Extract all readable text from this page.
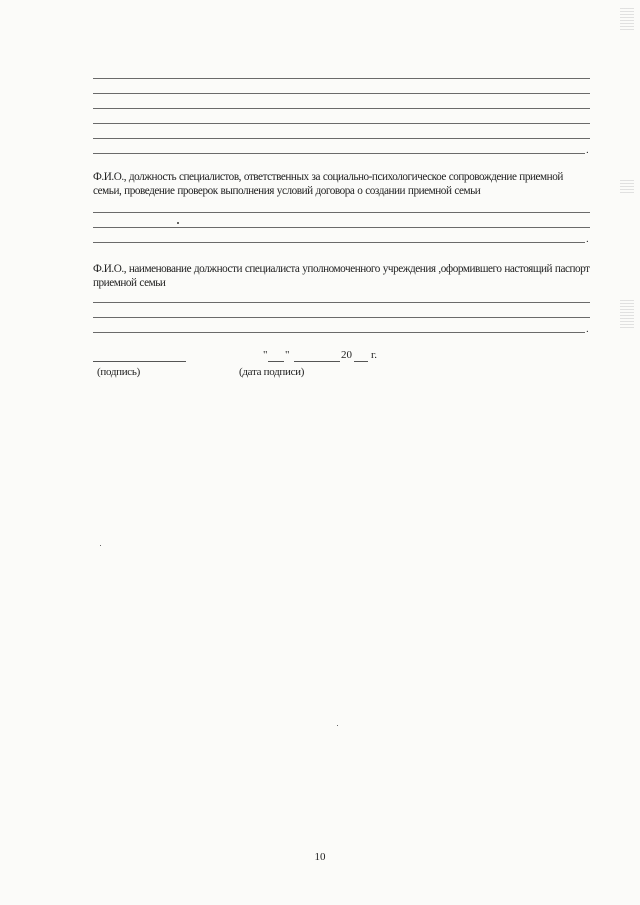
.
Ф.И.О., должность специалистов, ответственных за социально-психологическое сопровождение приемной семьи, проведение проверок выполнения условий договора о создании приемной семьи
.
Ф.И.О., наименование должности специалиста уполномоченного учреждения ,оформившего настоящий паспорт приемной семьи
.
(подпись)
" "	20 г.
(дата подписи)
10
